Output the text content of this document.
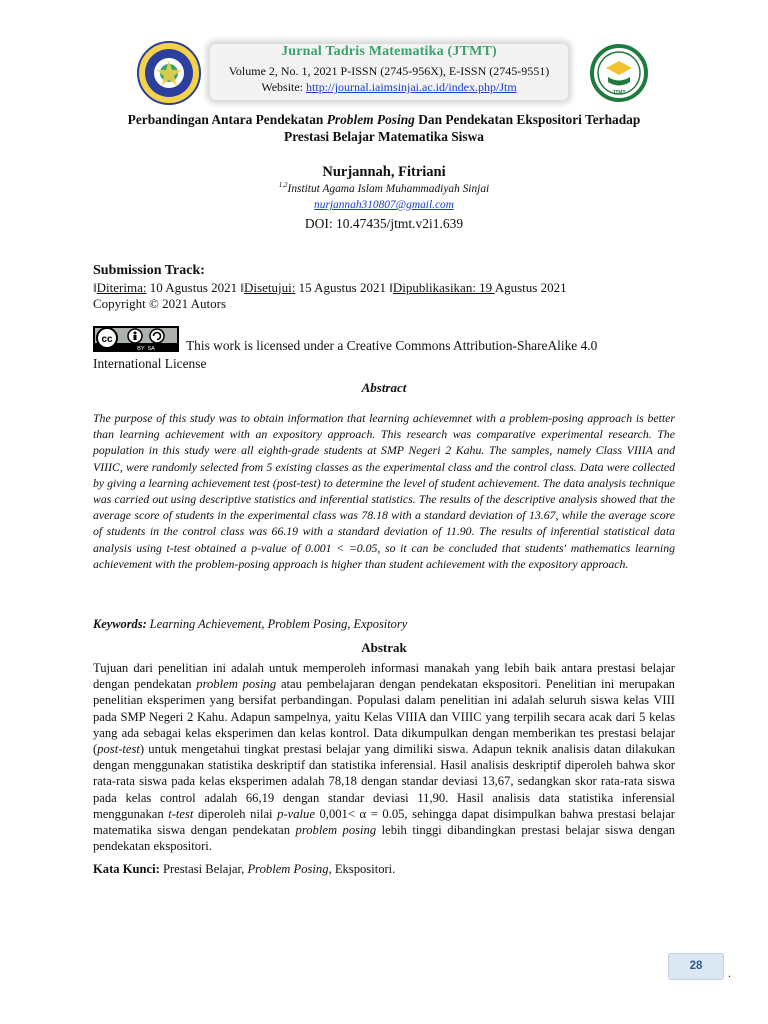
Jurnal Tadris Matematika (JTMT)
Volume 2, No. 1, 2021 P-ISSN (2745-956X), E-ISSN (2745-9551)
Website: http://journal.iaimsinjai.ac.id/index.php/Jtm	JTMT
Perbandingan Antara Pendekatan Problem Posing Dan Pendekatan Ekspositori Terhadap
Prestasi Belajar Matematika Siswa
Nurjannah, Fitriani
$^{1,2}$Institut Agama Islam Muhammadiyah Sinjai
nurjannah310807@gmail.com
DOI: 10.47435/jtmt.v2i1.639
Submission Track:
‖Diterima: 10 Agustus 2021 ‖Disetujui: 15 Agustus 2021 ‖Dipublikasikan: 19 Agustus 2021
Copyright © 2021 Autors
cc
BY  SA This work is licensed under a Creative Commons Attribution-ShareAlike 4.0
International License
Abstract
The purpose of this study was to obtain information that learning achievemnet with a problem-posing approach is better than learning achievement with an expository approach. This research was comparative experimental research. The population in this study were all eighth-grade students at SMP Negeri 2 Kahu. The samples, namely Class VIIIA and VIIIC, were randomly selected from 5 existing classes as the experimental class and the control class. Data were collected by giving a learning achievement test (post-test) to determine the level of student achievement. The data analysis technique was carried out using descriptive statistics and inferential statistics. The results of the descriptive analysis showed that the average score of students in the experimental class was 78.18 with a standard deviation of 13.67, while the average score of students in the control class was 66.19 with a standard deviation of 11.90. The results of inferential statistical data analysis using t-test obtained a p-value of 0.001 < =0.05, so it can be concluded that students' mathematics learning achievement with the problem-posing approach is higher than student achievement with the expository approach.
Keywords: Learning Achievement, Problem Posing, Expository
Abstrak
Tujuan dari penelitian ini adalah untuk memperoleh informasi manakah yang lebih baik antara prestasi belajar dengan pendekatan problem posing atau pembelajaran dengan pendekatan ekspositori. Penelitian ini merupakan penelitian eksperimen yang bersifat perbandingan. Populasi dalam penelitian ini adalah seluruh siswa kelas VIII pada SMP Negeri 2 Kahu. Adapun sampelnya, yaitu Kelas VIIIA dan VIIIC yang terpilih secara acak dari 5 kelas yang ada sebagai kelas eksperimen dan kelas kontrol. Data dikumpulkan dengan memberikan tes prestasi belajar (post-test) untuk mengetahui tingkat prestasi belajar yang dimiliki siswa. Adapun teknik analisis datan dilakukan dengan menggunakan statistika deskriptif dan statistika inferensial. Hasil analisis deskriptif diperoleh bahwa skor rata-rata siswa pada kelas eksperimen adalah 78,18 dengan standar deviasi 13,67, sedangkan skor rata-rata siswa pada kelas control adalah 66,19 dengan standar deviasi 11,90. Hasil analisis data statistika inferensial menggunakan t-test diperoleh nilai p-value 0,001< α = 0.05, sehingga dapat disimpulkan bahwa prestasi belajar matematika siswa dengan pendekatan problem posing lebih tinggi dibandingkan prestasi belajar siswa dengan pendekatan ekspositori.
Kata Kunci: Prestasi Belajar, Problem Posing, Ekspositori.
28	.
